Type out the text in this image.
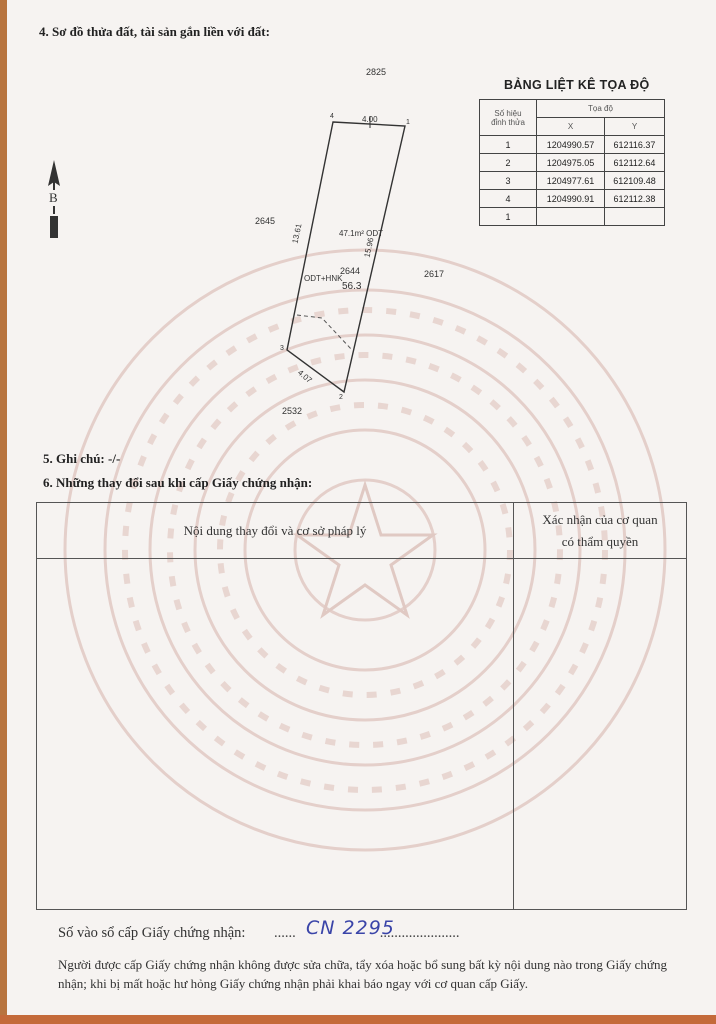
4. Sơ đồ thửa đất, tài sản gắn liền với đất:
B
4
1
3
2
2825
2645
2617
2532
4.00
15.96
13.61
4.07
47.1m² ODT
2644
ODT+HNK
56.3
BẢNG LIỆT KÊ TỌA ĐỘ
Số hiệu
đỉnh thửa	Tọa độ	
	X	Y
1	1204990.57	612116.37
2	1204975.05	612112.64
3	1204977.61	612109.48
4	1204990.91	612112.38
1		
5. Ghi chú: -/-
6. Những thay đổi sau khi cấp Giấy chứng nhận:
Nội dung thay đổi và cơ sở pháp lý	Xác nhận của cơ quan
có thẩm quyền

Số vào sổ cấp Giấy chứng nhận: ......	......................
CN 2295
Người được cấp Giấy chứng nhận không được sửa chữa, tẩy xóa hoặc bổ sung bất kỳ nội dung nào trong Giấy chứng nhận; khi bị mất hoặc hư hỏng Giấy chứng nhận phải khai báo ngay với cơ quan cấp Giấy.
